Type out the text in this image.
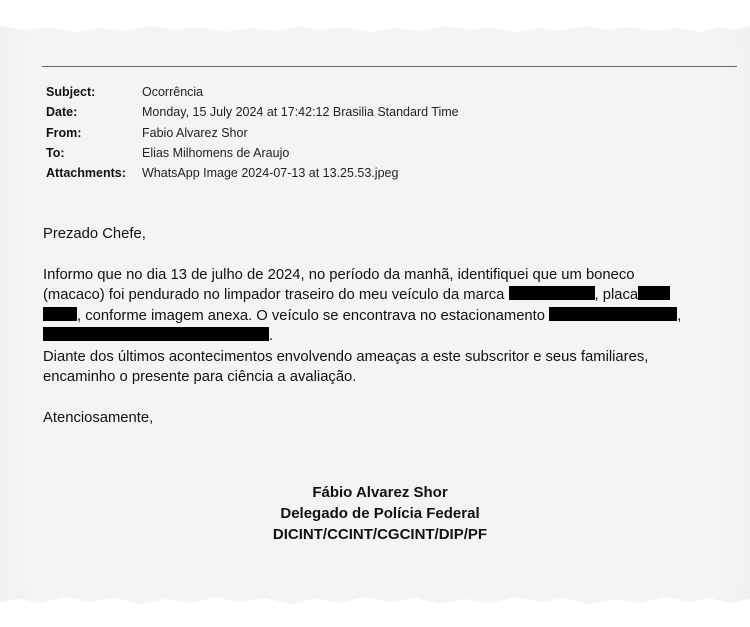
Subject:	Ocorrência
Date:	Monday, 15 July 2024 at 17:42:12 Brasilia Standard Time
From:	Fabio Alvarez Shor
To:	Elias Milhomens de Araujo
Attachments:	WhatsApp Image 2024-07-13 at 13.25.53.jpeg

Prezado Chefe,

Informo que no dia 13 de julho de 2024, no período da manhã, identifiquei que um boneco
(macaco) foi pendurado no limpador traseiro do meu veículo da marca	, placa
, conforme imagem anexa. O veículo se encontrava no estacionamento	,
.
Diante dos últimos acontecimentos envolvendo ameaças a este subscritor e seus familiares,
encaminho o presente para ciência a avaliação.

Atenciosamente,

Fábio Alvarez Shor
Delegado de Polícia Federal
DICINT/CCINT/CGCINT/DIP/PF
